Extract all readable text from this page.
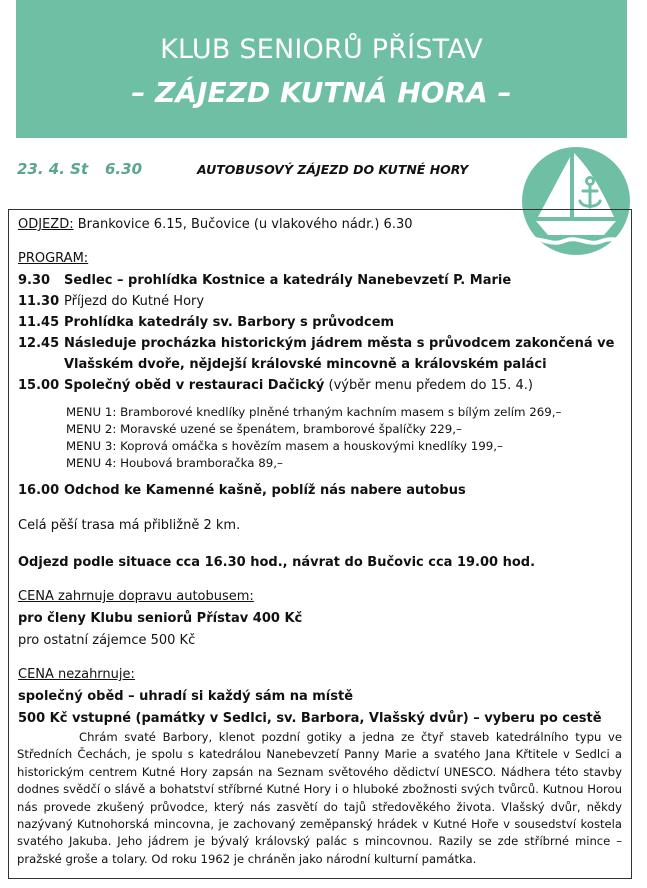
KLUB SENIORŮ PŘÍSTAV
– ZÁJEZD KUTNÁ HORA –
23. 4. St 6.30	AUTOBUSOVÝ ZÁJEZD DO KUTNÉ HORY
ODJEZD: Brankovice 6.15, Bučovice (u vlakového nádr.) 6.30
PROGRAM:
9.30	Sedlec – prohlídka Kostnice a katedrály Nanebevzetí P. Marie
11.30 Příjezd do Kutné Hory
11.45 Prohlídka katedrály sv. Barbory s průvodcem
12.45 Následuje procházka historickým jádrem města s průvodcem zakončená ve Vlašském dvoře, nějdejší královské mincovně a královském paláci
15.00 Společný oběd v restauraci Dačický (výběr menu předem do 15. 4.)
MENU 1: Bramborové knedlíky plněné trhaným kachním masem s bílým zelím 269,–
MENU 2: Moravské uzené se špenátem, bramborové špalíčky 229,–
MENU 3: Koprová omáčka s hovězím masem a houskovými knedlíky 199,–
MENU 4: Houbová bramboračka 89,–
16.00 Odchod ke Kamenné kašně, poblíž nás nabere autobus
Celá pěší trasa má přibližně 2 km.
Odjezd podle situace cca 16.30 hod., návrat do Bučovic cca 19.00 hod.
CENA zahrnuje dopravu autobusem:
pro členy Klubu seniorů Přístav 400 Kč
pro ostatní zájemce 500 Kč
CENA nezahrnuje:
společný oběd – uhradí si každý sám na místě
500 Kč vstupné (památky v Sedlci, sv. Barbora, Vlašský dvůr) – vyberu po cestě
Chrám svaté Barbory, klenot pozdní gotiky a jedna ze čtyř staveb katedrálního typu ve Středních Čechách, je spolu s katedrálou Nanebevzetí Panny Marie a svatého Jana Křtitele v Sedlci a historickým centrem Kutné Hory zapsán na Seznam světového dědictví UNESCO. Nádhera této stavby dodnes svědčí o slávě a bohatství stříbrné Kutné Hory i o hluboké zbožnosti svých tvůrců. Kutnou Horou nás provede zkušený průvodce, který nás zasvětí do tajů středověkého života. Vlašský dvůr, někdy nazývaný Kutnohorská mincovna, je zachovaný zeměpanský hrádek v Kutné Hoře v sousedství kostela svatého Jakuba. Jeho jádrem je bývalý královský palác s mincovnou. Razily se zde stříbrné mince – pražské groše a tolary. Od roku 1962 je chráněn jako národní kulturní památka.
